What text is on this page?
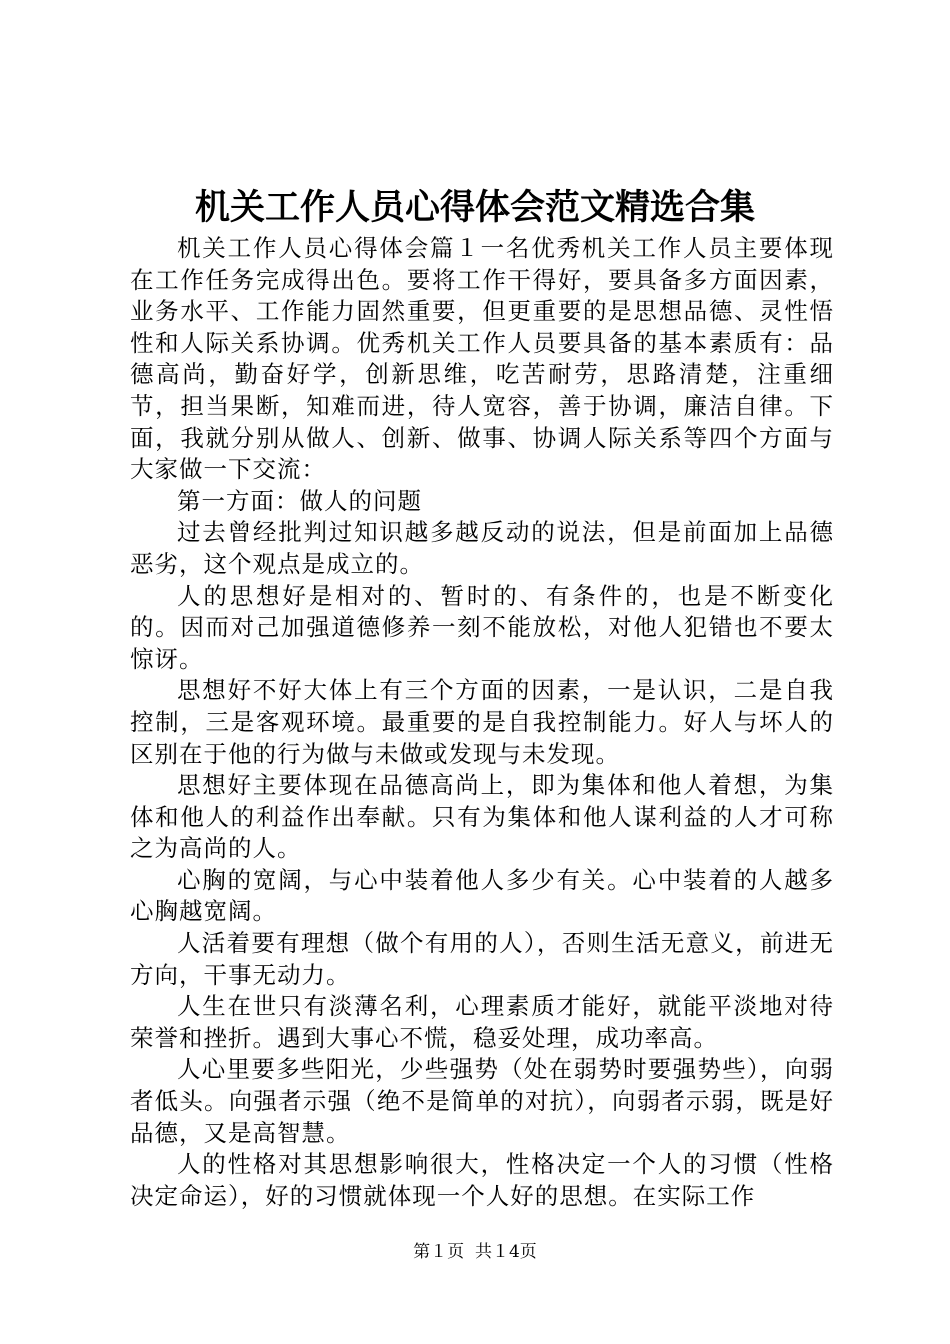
机关工作人员心得体会范文精选合集

机关工作人员心得体会篇１一名优秀机关工作人员主要体现在工作任务完成得出色。要将工作干得好，要具备多方面因素，业务水平、工作能力固然重要，但更重要的是思想品德、灵性悟性和人际关系协调。优秀机关工作人员要具备的基本素质有：品德高尚，勤奋好学，创新思维，吃苦耐劳，思路清楚，注重细节，担当果断，知难而进，待人宽容，善于协调，廉洁自律。下面，我就分别从做人、创新、做事、协调人际关系等四个方面与大家做一下交流：

第一方面：做人的问题

过去曾经批判过知识越多越反动的说法，但是前面加上品德恶劣，这个观点是成立的。

人的思想好是相对的、暂时的、有条件的，也是不断变化的。因而对己加强道德修养一刻不能放松，对他人犯错也不要太惊讶。

思想好不好大体上有三个方面的因素，一是认识，二是自我控制，三是客观环境。最重要的是自我控制能力。好人与坏人的区别在于他的行为做与未做或发现与未发现。

思想好主要体现在品德高尚上，即为集体和他人着想，为集体和他人的利益作出奉献。只有为集体和他人谋利益的人才可称之为高尚的人。

心胸的宽阔，与心中装着他人多少有关。心中装着的人越多心胸越宽阔。

人活着要有理想（做个有用的人），否则生活无意义，前进无方向，干事无动力。

人生在世只有淡薄名利，心理素质才能好，就能平淡地对待荣誉和挫折。遇到大事心不慌，稳妥处理，成功率高。

人心里要多些阳光，少些强势（处在弱势时要强势些），向弱者低头。向强者示强（绝不是简单的对抗），向弱者示弱，既是好品德，又是高智慧。

人的性格对其思想影响很大，性格决定一个人的习惯（性格决定命运），好的习惯就体现一个人好的思想。在实际工作

第１页 共１4页
